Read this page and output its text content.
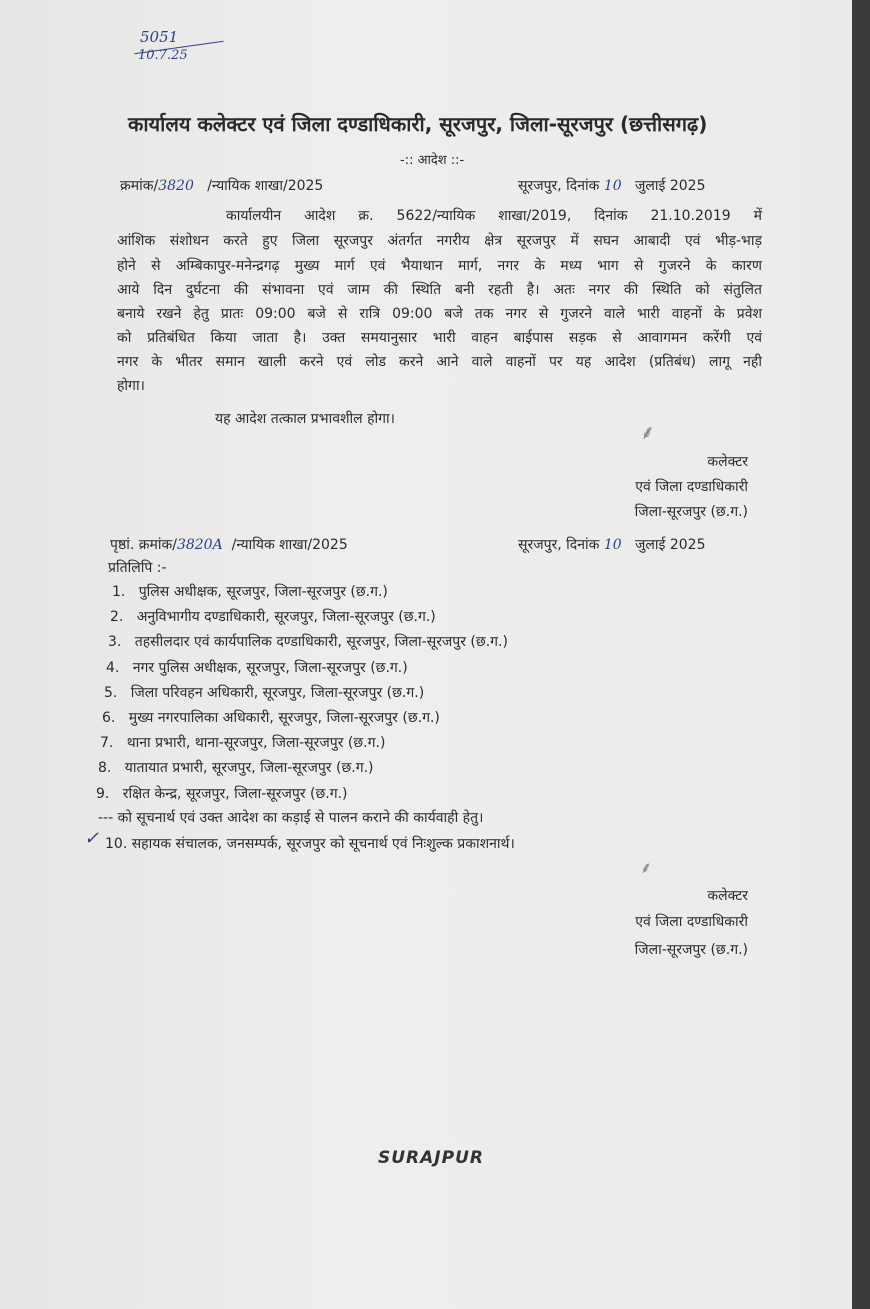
5051
10.7.25
कार्यालय कलेक्टर एवं जिला दण्डाधिकारी, सूरजपुर, जिला-सूरजपुर (छत्तीसगढ़)
-:: आदेश ::-
क्रमांक/3820 /न्यायिक शाखा/2025	सूरजपुर, दिनांक 10 जुलाई 2025
कार्यालयीन आदेश क्र. 5622/न्यायिक शाखा/2019, दिनांक 21.10.2019 में
आंशिक संशोधन करते हुए जिला सूरजपुर अंतर्गत नगरीय क्षेत्र सूरजपुर में सघन आबादी एवं भीड़-भाड़
होने से अम्बिकापुर-मनेन्द्रगढ़ मुख्य मार्ग एवं भैयाथान मार्ग, नगर के मध्य भाग से गुजरने के कारण
आये दिन दुर्घटना की संभावना एवं जाम की स्थिति बनी रहती है। अतः नगर की स्थिति को संतुलित
बनाये रखने हेतु प्रातः 09:00 बजे से रात्रि 09:00 बजे तक नगर से गुजरने वाले भारी वाहनों के प्रवेश
को प्रतिबंधित किया जाता है। उक्त समयानुसार भारी वाहन बाईपास सड़क से आवागमन करेंगी एवं
नगर के भीतर समान खाली करने एवं लोड करने आने वाले वाहनों पर यह आदेश (प्रतिबंध) लागू नही
होगा।
यह आदेश तत्काल प्रभावशील होगा।
⸙
कलेक्टर
एवं जिला दण्डाधिकारी
जिला-सूरजपुर (छ.ग.)
पृष्ठां. क्रमांक/3820A /न्यायिक शाखा/2025	सूरजपुर, दिनांक 10 जुलाई 2025
प्रतिलिपि :-
1. पुलिस अधीक्षक, सूरजपुर, जिला-सूरजपुर (छ.ग.)
2. अनुविभागीय दण्डाधिकारी, सूरजपुर, जिला-सूरजपुर (छ.ग.)
3. तहसीलदार एवं कार्यपालिक दण्डाधिकारी, सूरजपुर, जिला-सूरजपुर (छ.ग.)
4. नगर पुलिस अधीक्षक, सूरजपुर, जिला-सूरजपुर (छ.ग.)
5. जिला परिवहन अधिकारी, सूरजपुर, जिला-सूरजपुर (छ.ग.)
6. मुख्य नगरपालिका अधिकारी, सूरजपुर, जिला-सूरजपुर (छ.ग.)
7. थाना प्रभारी, थाना-सूरजपुर, जिला-सूरजपुर (छ.ग.)
8. यातायात प्रभारी, सूरजपुर, जिला-सूरजपुर (छ.ग.)
9. रक्षित केन्द्र, सूरजपुर, जिला-सूरजपुर (छ.ग.)
--- को सूचनार्थ एवं उक्त आदेश का कड़ाई से पालन कराने की कार्यवाही हेतु।
10. सहायक संचालक, जनसम्पर्क, सूरजपुर को सूचनार्थ एवं निःशुल्क प्रकाशनार्थ।
✓
⸙
कलेक्टर
एवं जिला दण्डाधिकारी
जिला-सूरजपुर (छ.ग.)
SURAJPUR
